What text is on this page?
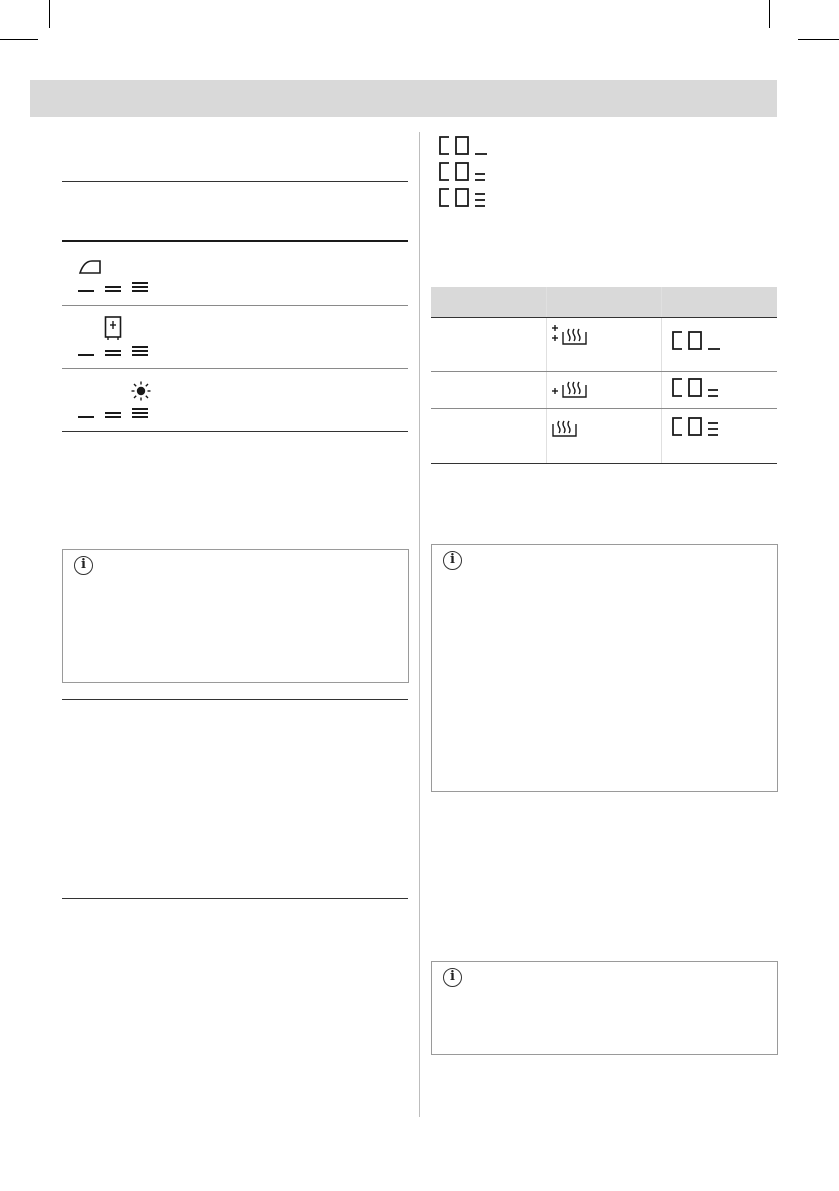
i	i
i
